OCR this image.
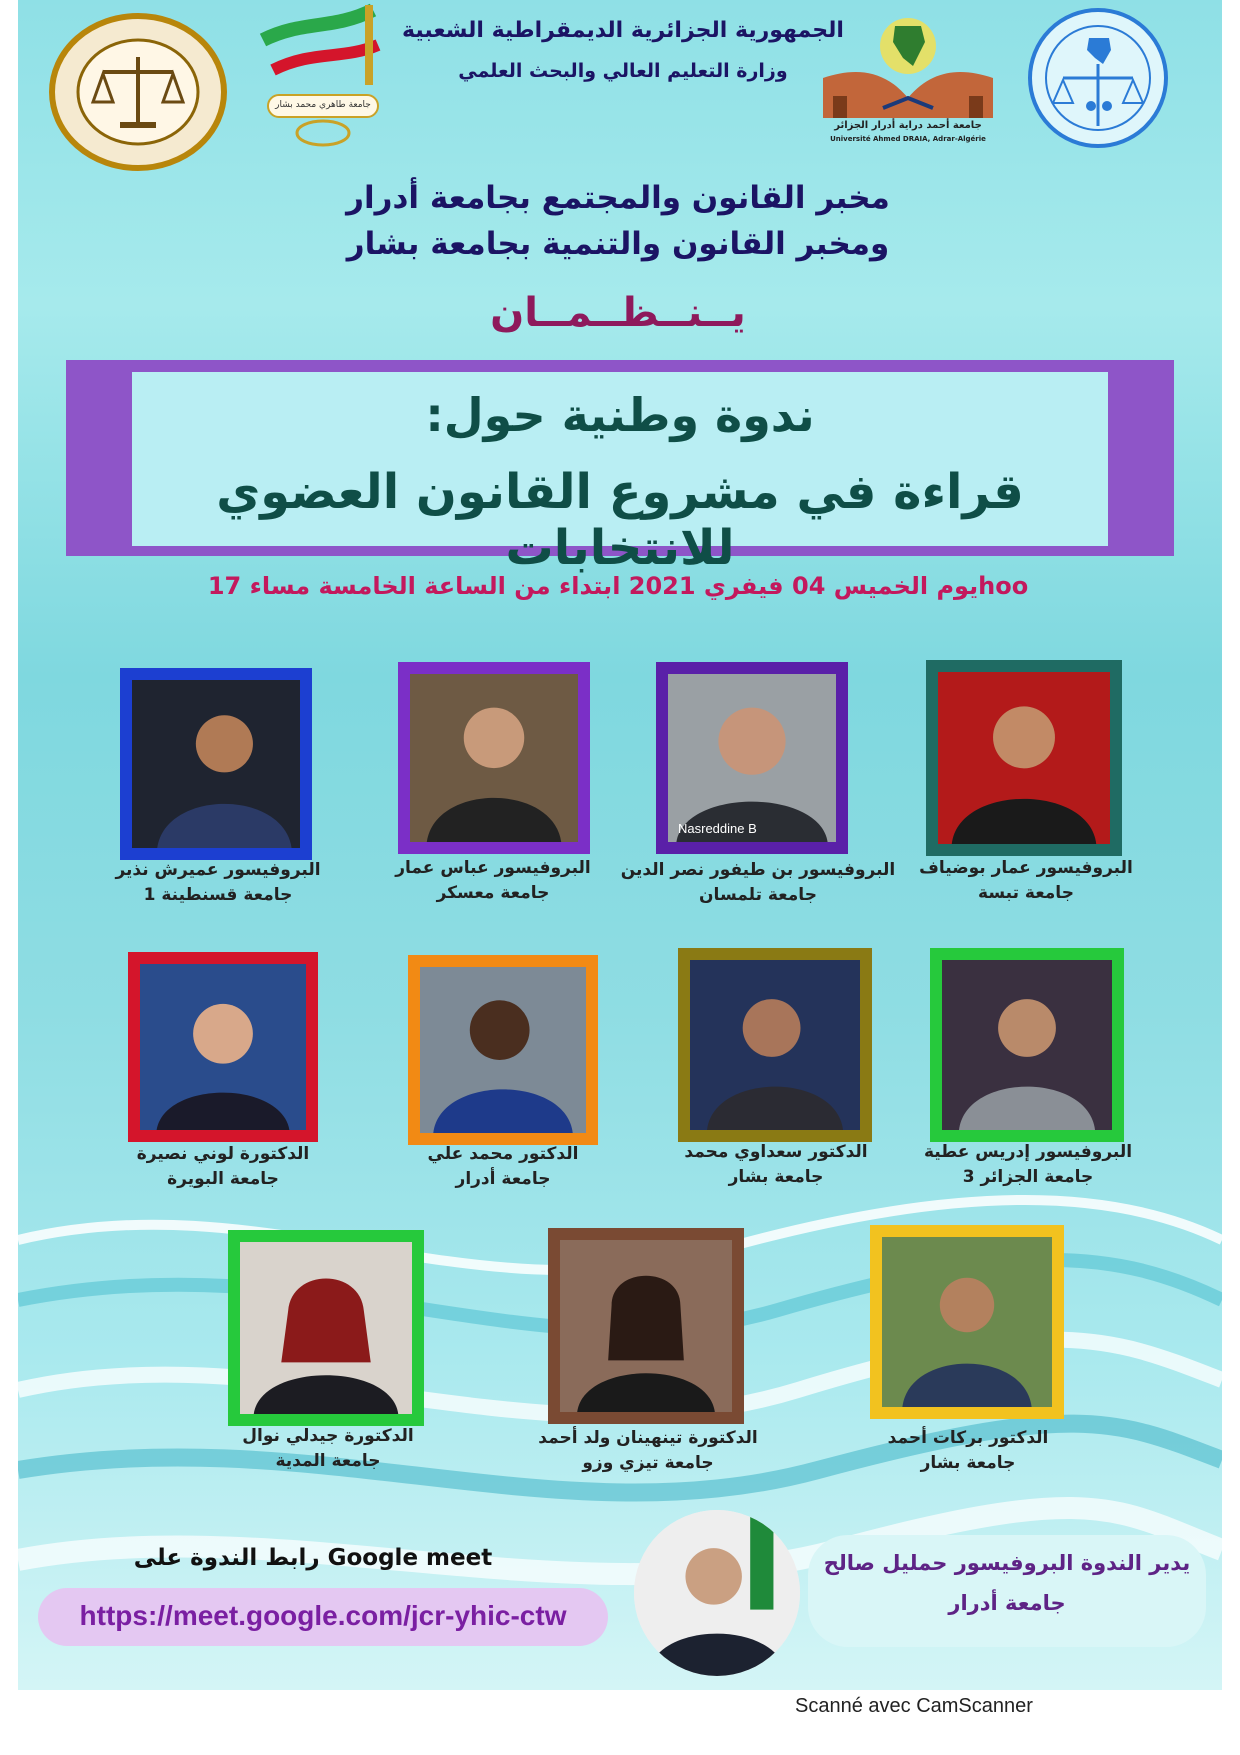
جامعة طاهري محمد بشار
الجمهورية الجزائرية الديمقراطية الشعبية
وزارة التعليم العالي والبحث العلمي
جامعة أحمد دراية أدرار الجزائر
Université Ahmed DRAIA, Adrar-Algérie
مخبر القانون والمجتمع بجامعة أدرار
ومخبر القانون والتنمية بجامعة بشار
يــنــظــمــان
ندوة وطنية حول:
قراءة في مشروع القانون العضوي للانتخابات
يوم الخميس 04 فيفري 2021 ابتداء من الساعة الخامسة مساء 17hoo
Nasreddine B
البروفيسور عميرش نذير
جامعة قسنطينة 1
البروفيسور عباس عمار
جامعة معسكر
البروفيسور بن طيفور نصر الدين
جامعة تلمسان
البروفيسور عمار بوضياف
جامعة تبسة
الدكتورة لوني نصيرة
جامعة البويرة
الدكتور محمد علي
جامعة أدرار
الدكتور سعداوي محمد
جامعة بشار
البروفيسور إدريس عطية
جامعة الجزائر 3
الدكتورة جيدلي نوال
جامعة المدية
الدكتورة تينهينان ولد أحمد
جامعة تيزي وزو
الدكتور بركات أحمد
جامعة بشار
رابط الندوة على Google meet
https://meet.google.com/jcr-yhic-ctw
يدير الندوة البروفيسور حمليل صالح
جامعة أدرار
Scanné avec CamScanner
